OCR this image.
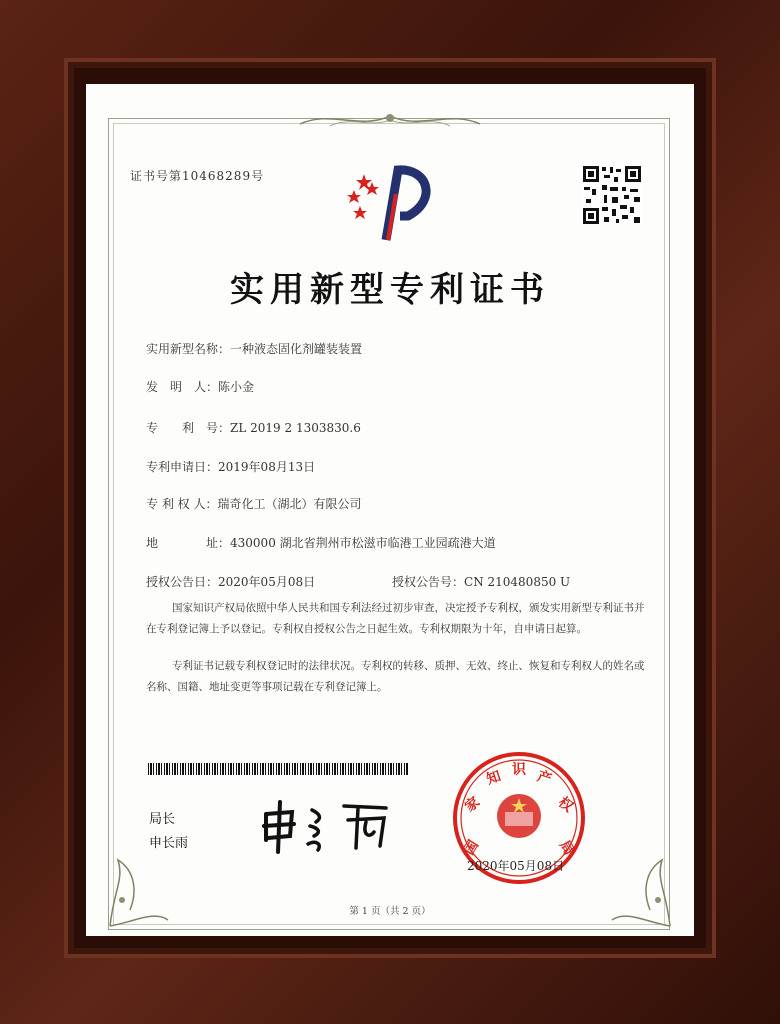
证书号第10468289号
实用新型专利证书
实用新型名称：一种液态固化剂罐装装置
发　明　人：陈小金
专　　利　号：ZL 2019 2 1303830.6
专利申请日：2019年08月13日
专 利 权 人：瑞奇化工（湖北）有限公司
地　　　　址：430000 湖北省荆州市松滋市临港工业园疏港大道
授权公告日：2020年05月08日	授权公告号：CN 210480850 U
国家知识产权局依照中华人民共和国专利法经过初步审查，决定授予专利权，颁发实用新型专利证书并在专利登记簿上予以登记。专利权自授权公告之日起生效。专利权期限为十年，自申请日起算。
专利证书记载专利权登记时的法律状况。专利权的转移、质押、无效、终止、恢复和专利权人的姓名或名称、国籍、地址变更等事项记载在专利登记簿上。
局长
申长雨	国
家
知 识 产
权
局
2020年05月08日
第 1 页（共 2 页）
